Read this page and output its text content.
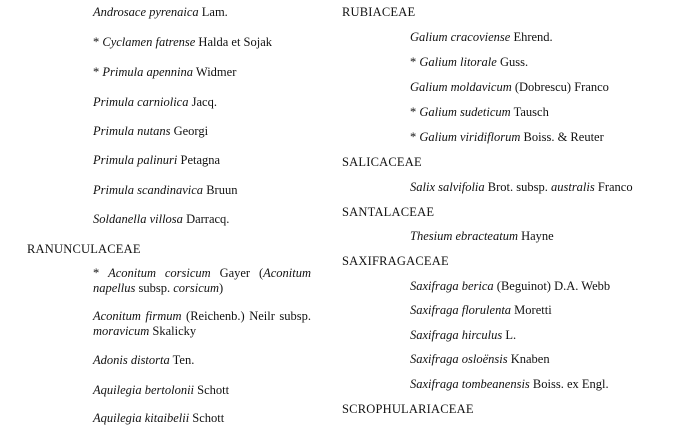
Androsace pyrenaica Lam.
* Cyclamen fatrense Halda et Sojak
* Primula apennina Widmer
Primula carniolica Jacq.
Primula nutans Georgi
Primula palinuri Petagna
Primula scandinavica Bruun
Soldanella villosa Darracq.
RANUNCULACEAE
* Aconitum corsicum Gayer (Aconitum napellus subsp. corsicum)
Aconitum firmum (Reichenb.) Neilr subsp. moravicum Skalicky
Adonis distorta Ten.
Aquilegia bertolonii Schott
Aquilegia kitaibelii Schott
RUBIACEAE
Galium cracoviense Ehrend.
* Galium litorale Guss.
Galium moldavicum (Dobrescu) Franco
* Galium sudeticum Tausch
* Galium viridiflorum Boiss. & Reuter
SALICACEAE
Salix salvifolia Brot. subsp. australis Franco
SANTALACEAE
Thesium ebracteatum Hayne
SAXIFRAGACEAE
Saxifraga berica (Beguinot) D.A. Webb
Saxifraga florulenta Moretti
Saxifraga hirculus L.
Saxifraga osloënsis Knaben
Saxifraga tombeanensis Boiss. ex Engl.
SCROPHULARIACEAE
